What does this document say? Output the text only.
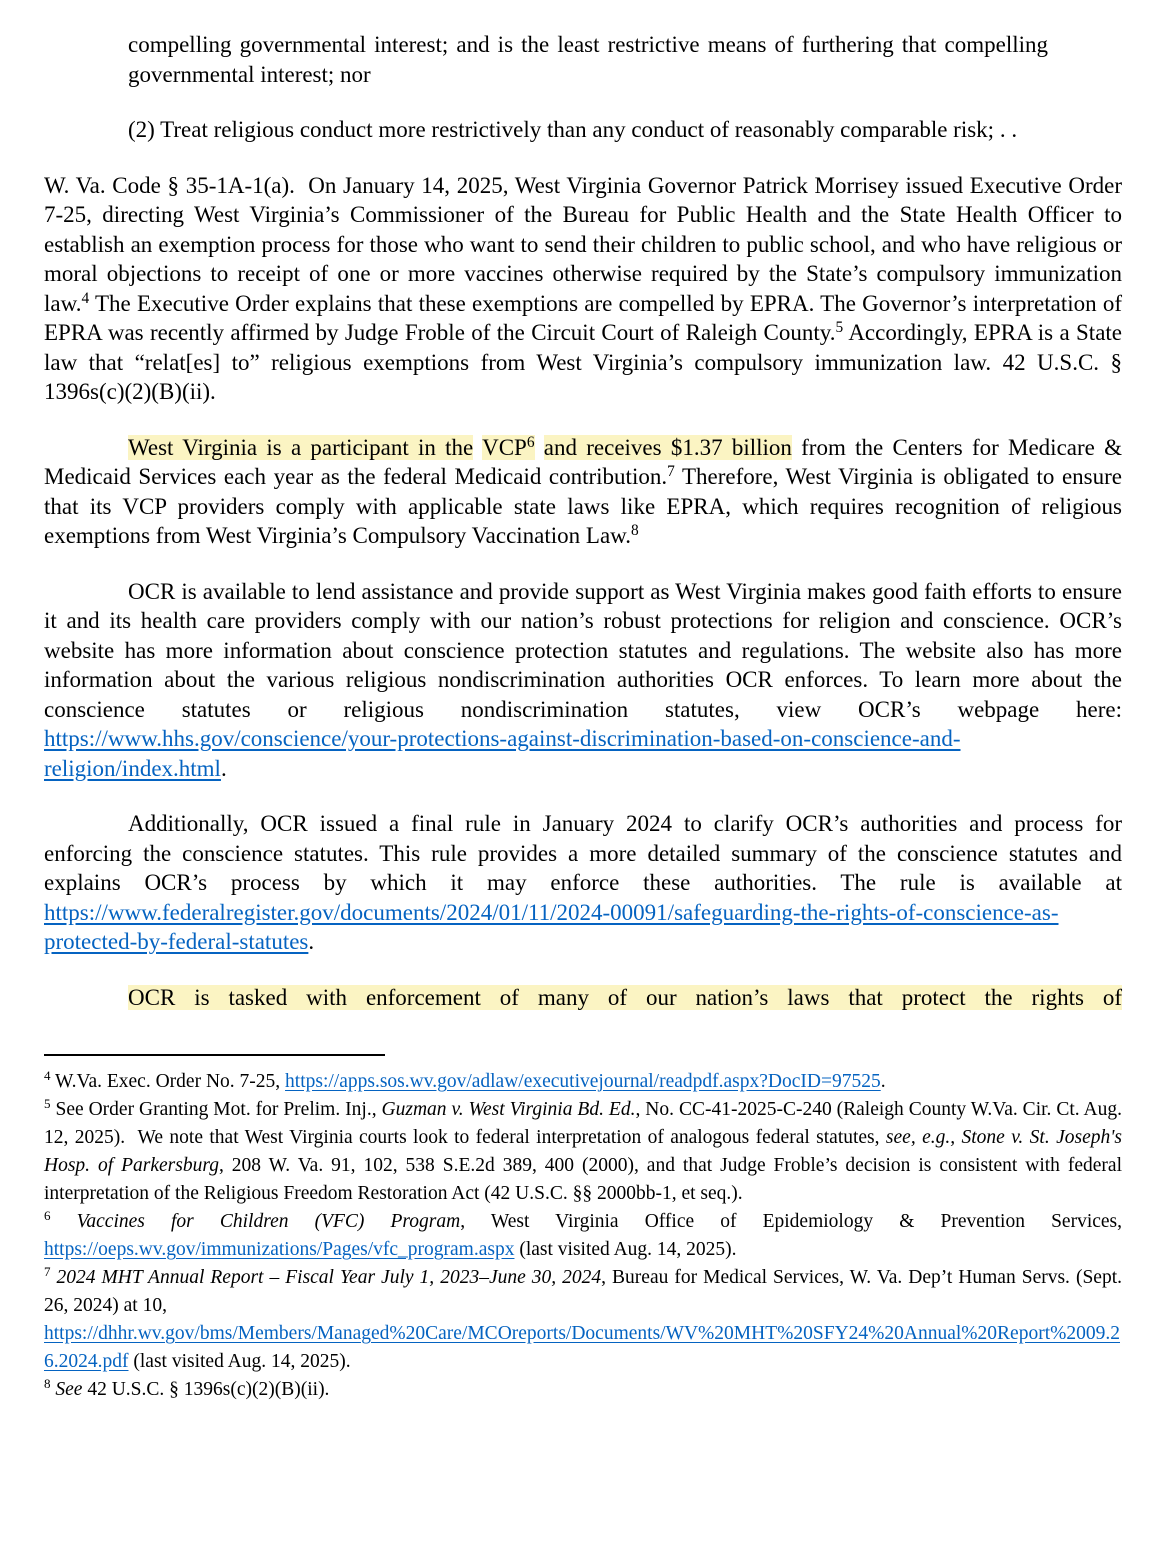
compelling governmental interest; and is the least restrictive means of furthering that compelling governmental interest; nor

(2) Treat religious conduct more restrictively than any conduct of reasonably comparable risk; . .

W. Va. Code § 35-1A-1(a).  On January 14, 2025, West Virginia Governor Patrick Morrisey issued Executive Order 7-25, directing West Virginia’s Commissioner of the Bureau for Public Health and the State Health Officer to establish an exemption process for those who want to send their children to public school, and who have religious or moral objections to receipt of one or more vaccines otherwise required by the State’s compulsory immunization law.$^4$ The Executive Order explains that these exemptions are compelled by EPRA. The Governor’s interpretation of EPRA was recently affirmed by Judge Froble of the Circuit Court of Raleigh County.$^5$ Accordingly, EPRA is a State law that “relat[es] to” religious exemptions from West Virginia’s compulsory immunization law. 42 U.S.C. § 1396s(c)(2)(B)(ii).

West Virginia is a participant in the VCP$^6$ and receives $1.37 billion from the Centers for Medicare & Medicaid Services each year as the federal Medicaid contribution.$^7$ Therefore, West Virginia is obligated to ensure that its VCP providers comply with applicable state laws like EPRA, which requires recognition of religious exemptions from West Virginia’s Compulsory Vaccination Law.$^8$

OCR is available to lend assistance and provide support as West Virginia makes good faith efforts to ensure it and its health care providers comply with our nation’s robust protections for religion and conscience. OCR’s website has more information about conscience protection statutes and regulations. The website also has more information about the various religious nondiscrimination authorities OCR enforces. To learn more about the conscience statutes or religious nondiscrimination statutes, view OCR’s webpage here: https://www.hhs.gov/conscience/your-protections-against-discrimination-based-on-conscience-and-religion/index.html.

Additionally, OCR issued a final rule in January 2024 to clarify OCR’s authorities and process for enforcing the conscience statutes. This rule provides a more detailed summary of the conscience statutes and explains OCR’s process by which it may enforce these authorities. The rule is available at https://www.federalregister.gov/documents/2024/01/11/2024-00091/safeguarding-the-rights-of-conscience-as-protected-by-federal-statutes.

OCR is tasked with enforcement of many of our nation’s laws that protect the rights of

$^4$ W.Va. Exec. Order No. 7-25, https://apps.sos.wv.gov/adlaw/executivejournal/readpdf.aspx?DocID=97525.

$^5$ See Order Granting Mot. for Prelim. Inj., Guzman v. West Virginia Bd. Ed., No. CC-41-2025-C-240 (Raleigh County W.Va. Cir. Ct. Aug. 12, 2025).  We note that West Virginia courts look to federal interpretation of analogous federal statutes, see, e.g., Stone v. St. Joseph's Hosp. of Parkersburg, 208 W. Va. 91, 102, 538 S.E.2d 389, 400 (2000), and that Judge Froble’s decision is consistent with federal interpretation of the Religious Freedom Restoration Act (42 U.S.C. §§ 2000bb-1, et seq.).

$^6$ Vaccines for Children (VFC) Program, West Virginia Office of Epidemiology & Prevention Services, https://oeps.wv.gov/immunizations/Pages/vfc_program.aspx (last visited Aug. 14, 2025).

$^7$ 2024 MHT Annual Report – Fiscal Year July 1, 2023–June 30, 2024, Bureau for Medical Services, W. Va. Dep’t Human Servs. (Sept. 26, 2024) at 10,
https://dhhr.wv.gov/bms/Members/Managed%20Care/MCOreports/Documents/WV%20MHT%20SFY24%20Annual%20Report%2009.26.2024.pdf (last visited Aug. 14, 2025).

$^8$ See 42 U.S.C. § 1396s(c)(2)(B)(ii).
